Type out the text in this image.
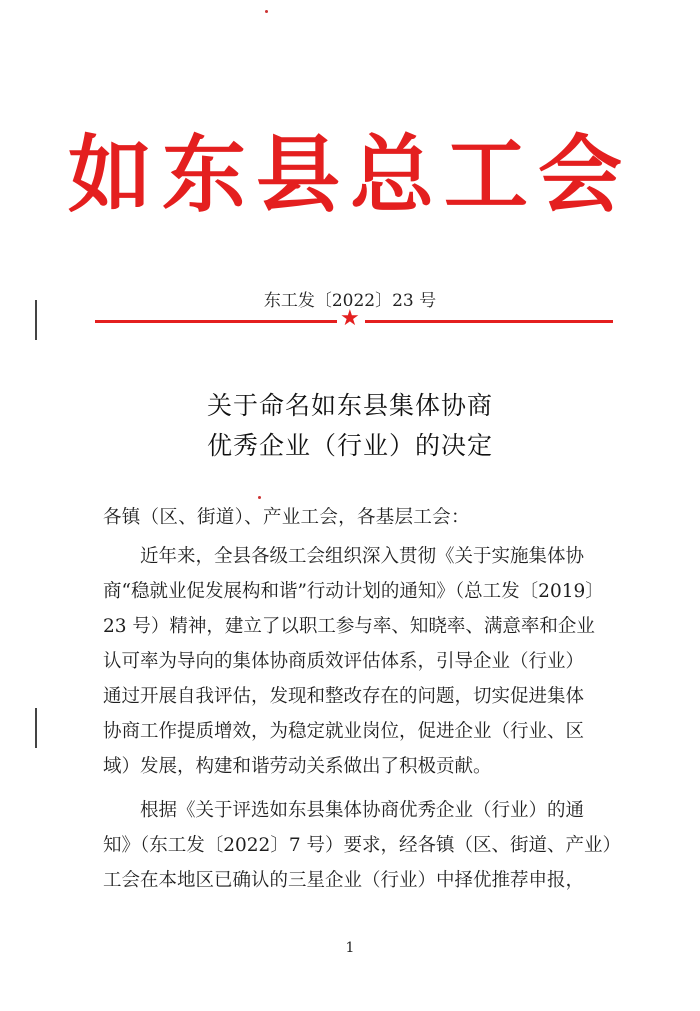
如东县总工会
东工发〔2022〕23 号
★
关于命名如东县集体协商
优秀企业（行业）的决定
各镇（区、街道）、产业工会，各基层工会：
　　近年来，全县各级工会组织深入贯彻《关于实施集体协
商“稳就业促发展构和谐”行动计划的通知》（总工发〔2019〕
23 号）精神，建立了以职工参与率、知晓率、满意率和企业
认可率为导向的集体协商质效评估体系，引导企业（行业）
通过开展自我评估，发现和整改存在的问题，切实促进集体
协商工作提质增效，为稳定就业岗位，促进企业（行业、区
域）发展，构建和谐劳动关系做出了积极贡献。
　　根据《关于评选如东县集体协商优秀企业（行业）的通
知》（东工发〔2022〕7 号）要求，经各镇（区、街道、产业）
工会在本地区已确认的三星企业（行业）中择优推荐申报，
1
